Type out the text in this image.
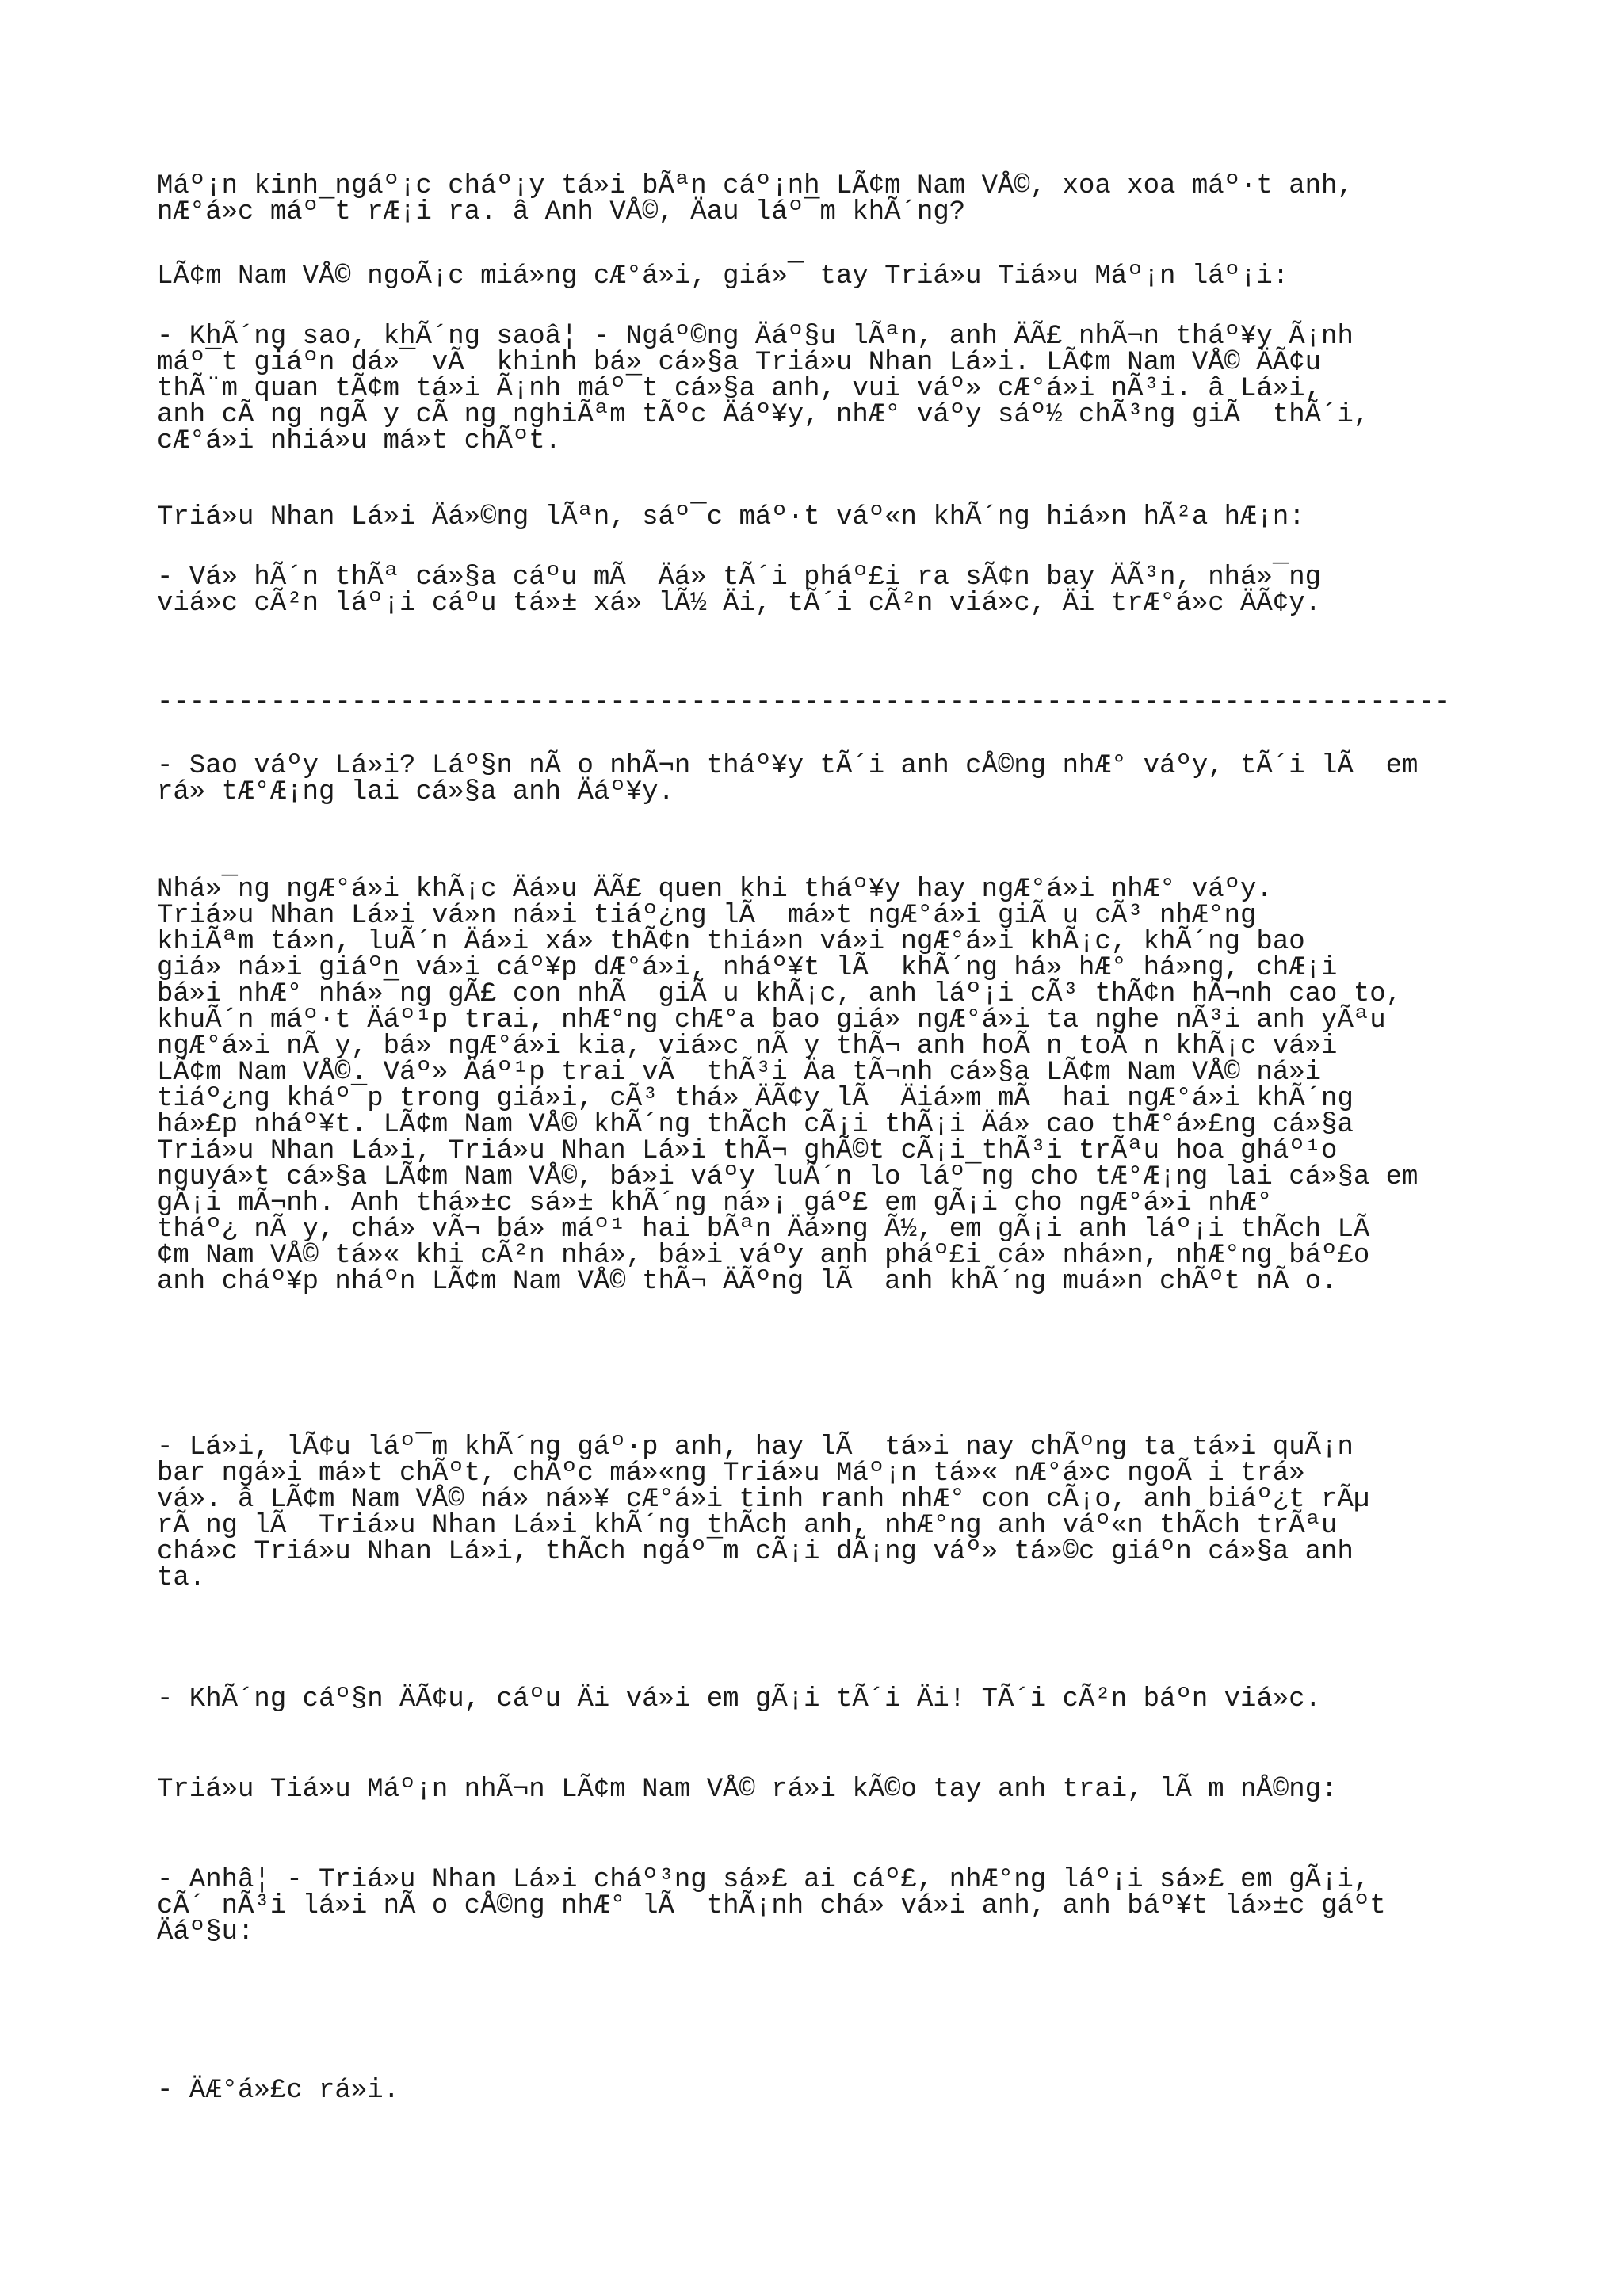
Máº¡n kinh ngáº¡c cháº¡y tá»i bÃªn cáº¡nh LÃ¢m Nam VÅ©, xoa xoa máº·t anh,
nÆ°á»c máº¯t rÆ¡i ra. â Anh VÅ©, Äau láº¯m khÃ´ng?
LÃ¢m Nam VÅ© ngoÃ¡c miá»ng cÆ°á»i, giá»¯ tay Triá»u Tiá»u Máº¡n láº¡i:
- KhÃ´ng sao, khÃ´ng saoâ¦ - Ngáº©ng Äáº§u lÃªn, anh ÄÃ£ nhÃ¬n tháº¥y Ã¡nh
máº¯t giáºn dá»¯ vÃ  khinh bá» cá»§a Triá»u Nhan Lá»i. LÃ¢m Nam VÅ© ÄÃ¢u
thÃ¨m quan tÃ¢m tá»i Ã¡nh máº¯t cá»§a anh, vui váº» cÆ°á»i nÃ³i. â Lá»i,
anh cÃ ng ngÃ y cÃ ng nghiÃªm tÃºc Äáº¥y, nhÆ° váºy sáº½ chÃ³ng giÃ  thÃ´i,
cÆ°á»i nhiá»u má»t chÃºt.
Triá»u Nhan Lá»i Äá»©ng lÃªn, sáº¯c máº·t váº«n khÃ´ng hiá»n hÃ²a hÆ¡n:
- Vá» hÃ´n thÃª cá»§a cáºu mÃ  Äá» tÃ´i pháº£i ra sÃ¢n bay ÄÃ³n, nhá»¯ng
viá»c cÃ²n láº¡i cáºu tá»± xá» lÃ½ Äi, tÃ´i cÃ²n viá»c, Äi trÆ°á»c ÄÃ¢y.
--------------------------------------------------------------------------------
- Sao váºy Lá»i? Láº§n nÃ o nhÃ¬n tháº¥y tÃ´i anh cÅ©ng nhÆ° váºy, tÃ´i lÃ  em
rá» tÆ°Æ¡ng lai cá»§a anh Äáº¥y.
Nhá»¯ng ngÆ°á»i khÃ¡c Äá»u ÄÃ£ quen khi tháº¥y hay ngÆ°á»i nhÆ° váºy.
Triá»u Nhan Lá»i vá»n ná»i tiáº¿ng lÃ  má»t ngÆ°á»i giÃ u cÃ³ nhÆ°ng
khiÃªm tá»n, luÃ´n Äá»i xá» thÃ¢n thiá»n vá»i ngÆ°á»i khÃ¡c, khÃ´ng bao
giá» ná»i giáºn vá»i cáº¥p dÆ°á»i, nháº¥t lÃ  khÃ´ng há» hÆ° há»ng, chÆ¡i
bá»i nhÆ° nhá»¯ng gÃ£ con nhÃ  giÃ u khÃ¡c, anh láº¡i cÃ³ thÃ¢n hÃ¬nh cao to,
khuÃ´n máº·t Äáº¹p trai, nhÆ°ng chÆ°a bao giá» ngÆ°á»i ta nghe nÃ³i anh yÃªu
ngÆ°á»i nÃ y, bá» ngÆ°á»i kia, viá»c nÃ y thÃ¬ anh hoÃ n toÃ n khÃ¡c vá»i
LÃ¢m Nam VÅ©. Váº» Äáº¹p trai vÃ  thÃ³i Äa tÃ¬nh cá»§a LÃ¢m Nam VÅ© ná»i
tiáº¿ng kháº¯p trong giá»i, cÃ³ thá» ÄÃ¢y lÃ  Äiá»m mÃ  hai ngÆ°á»i khÃ´ng
há»£p nháº¥t. LÃ¢m Nam VÅ© khÃ´ng thÃch cÃ¡i thÃ¡i Äá» cao thÆ°á»£ng cá»§a
Triá»u Nhan Lá»i, Triá»u Nhan Lá»i thÃ¬ ghÃ©t cÃ¡i thÃ³i trÃªu hoa gháº¹o
nguyá»t cá»§a LÃ¢m Nam VÅ©, bá»i váºy luÃ´n lo láº¯ng cho tÆ°Æ¡ng lai cá»§a em
gÃ¡i mÃ¬nh. Anh thá»±c sá»± khÃ´ng ná»¡ gáº£ em gÃ¡i cho ngÆ°á»i nhÆ°
tháº¿ nÃ y, chá» vÃ¬ bá» máº¹ hai bÃªn Äá»ng Ã½, em gÃ¡i anh láº¡i thÃch LÃ
¢m Nam VÅ© tá»« khi cÃ²n nhá», bá»i váºy anh pháº£i cá» nhá»n, nhÆ°ng báº£o
anh cháº¥p nháºn LÃ¢m Nam VÅ© thÃ¬ ÄÃºng lÃ  anh khÃ´ng muá»n chÃºt nÃ o.
- Lá»i, lÃ¢u láº¯m khÃ´ng gáº·p anh, hay lÃ  tá»i nay chÃºng ta tá»i quÃ¡n
bar ngá»i má»t chÃºt, chÃºc má»«ng Triá»u Máº¡n tá»« nÆ°á»c ngoÃ i trá»
vá». â LÃ¢m Nam VÅ© ná» ná»¥ cÆ°á»i tinh ranh nhÆ° con cÃ¡o, anh biáº¿t rÃµ
rÃ ng lÃ  Triá»u Nhan Lá»i khÃ´ng thÃch anh, nhÆ°ng anh váº«n thÃch trÃªu
chá»c Triá»u Nhan Lá»i, thÃch ngáº¯m cÃ¡i dÃ¡ng váº» tá»©c giáºn cá»§a anh
ta.
- KhÃ´ng cáº§n ÄÃ¢u, cáºu Äi vá»i em gÃ¡i tÃ´i Äi! TÃ´i cÃ²n báºn viá»c.
Triá»u Tiá»u Máº¡n nhÃ¬n LÃ¢m Nam VÅ© rá»i kÃ©o tay anh trai, lÃ m nÅ©ng:
- Anhâ¦ - Triá»u Nhan Lá»i cháº³ng sá»£ ai cáº£, nhÆ°ng láº¡i sá»£ em gÃ¡i,
cÃ´ nÃ³i lá»i nÃ o cÅ©ng nhÆ° lÃ  thÃ¡nh chá» vá»i anh, anh báº¥t lá»±c gáºt
Äáº§u:
- ÄÆ°á»£c rá»i.
